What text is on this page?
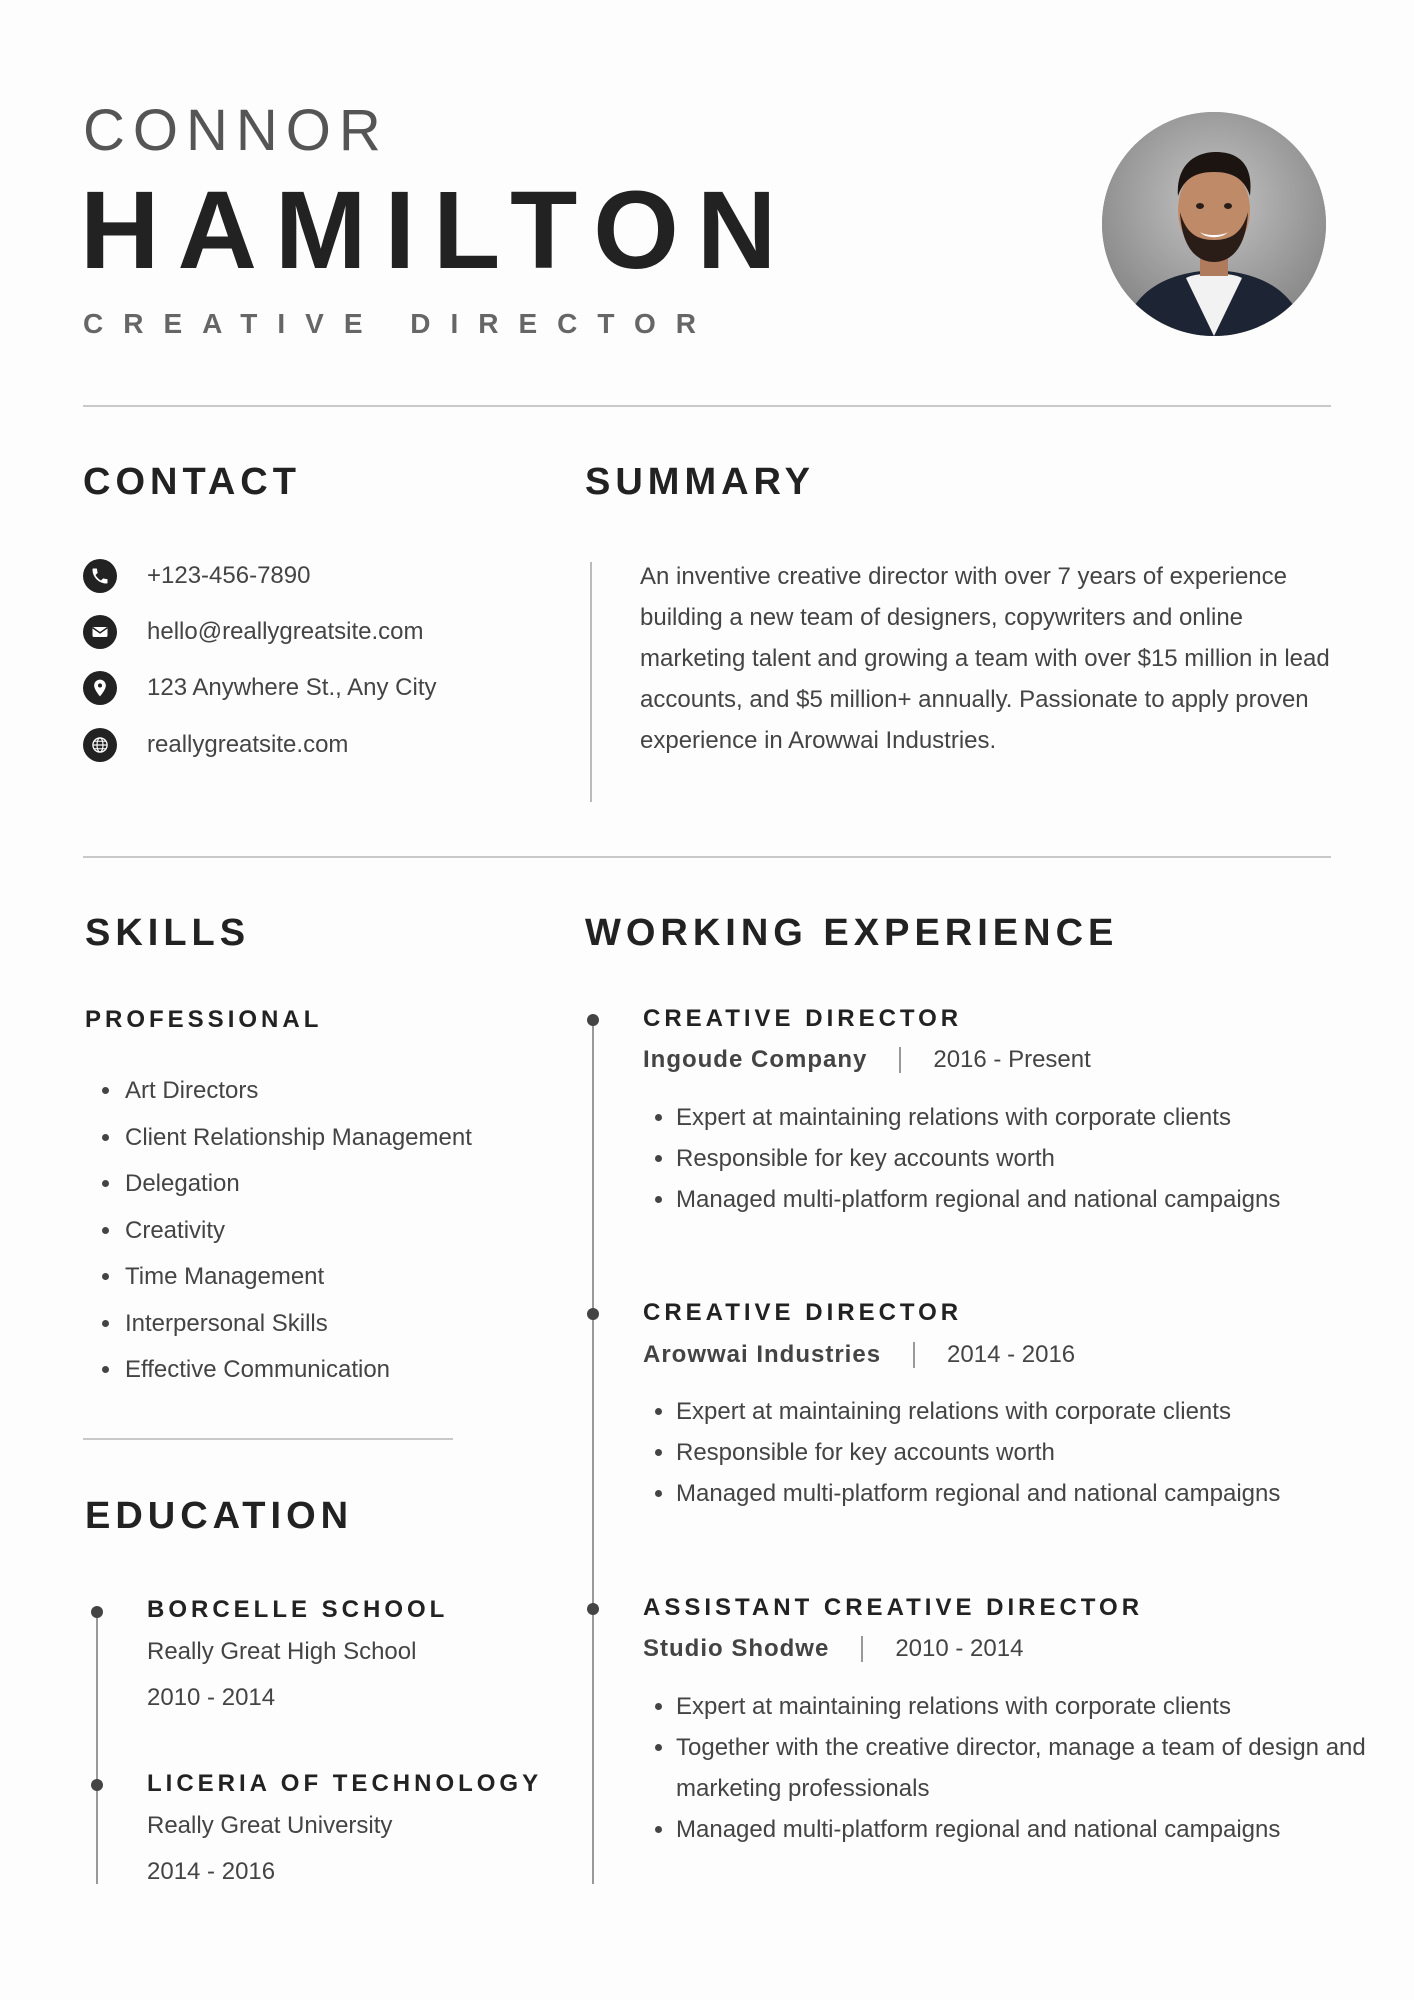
CONNOR
HAMILTON
CREATIVE DIRECTOR
CONTACT
+123-456-7890
hello@reallygreatsite.com
123 Anywhere St., Any City
reallygreatsite.com
SUMMARY
An inventive creative director with over 7 years of experience building a new team of designers, copywriters and online marketing talent and growing a team with over $15 million in lead accounts, and $5 million+ annually. Passionate to apply proven experience in Arowwai Industries.
SKILLS
PROFESSIONAL
• Art Directors
• Client Relationship Management
• Delegation
• Creativity
• Time Management
• Interpersonal Skills
• Effective Communication
EDUCATION
BORCELLE SCHOOL
Really Great High School
2010 - 2014
LICERIA OF TECHNOLOGY
Really Great University
2014 - 2016
WORKING EXPERIENCE
CREATIVE DIRECTOR
Ingoude Company	2016 - Present
• Expert at maintaining relations with corporate clients
• Responsible for key accounts worth
• Managed multi-platform regional and national campaigns
CREATIVE DIRECTOR
Arowwai Industries	2014 - 2016
• Expert at maintaining relations with corporate clients
• Responsible for key accounts worth
• Managed multi-platform regional and national campaigns
ASSISTANT CREATIVE DIRECTOR
Studio Shodwe	2010 - 2014
• Expert at maintaining relations with corporate clients
• Together with the creative director, manage a team of design and marketing professionals
• Managed multi-platform regional and national campaigns
